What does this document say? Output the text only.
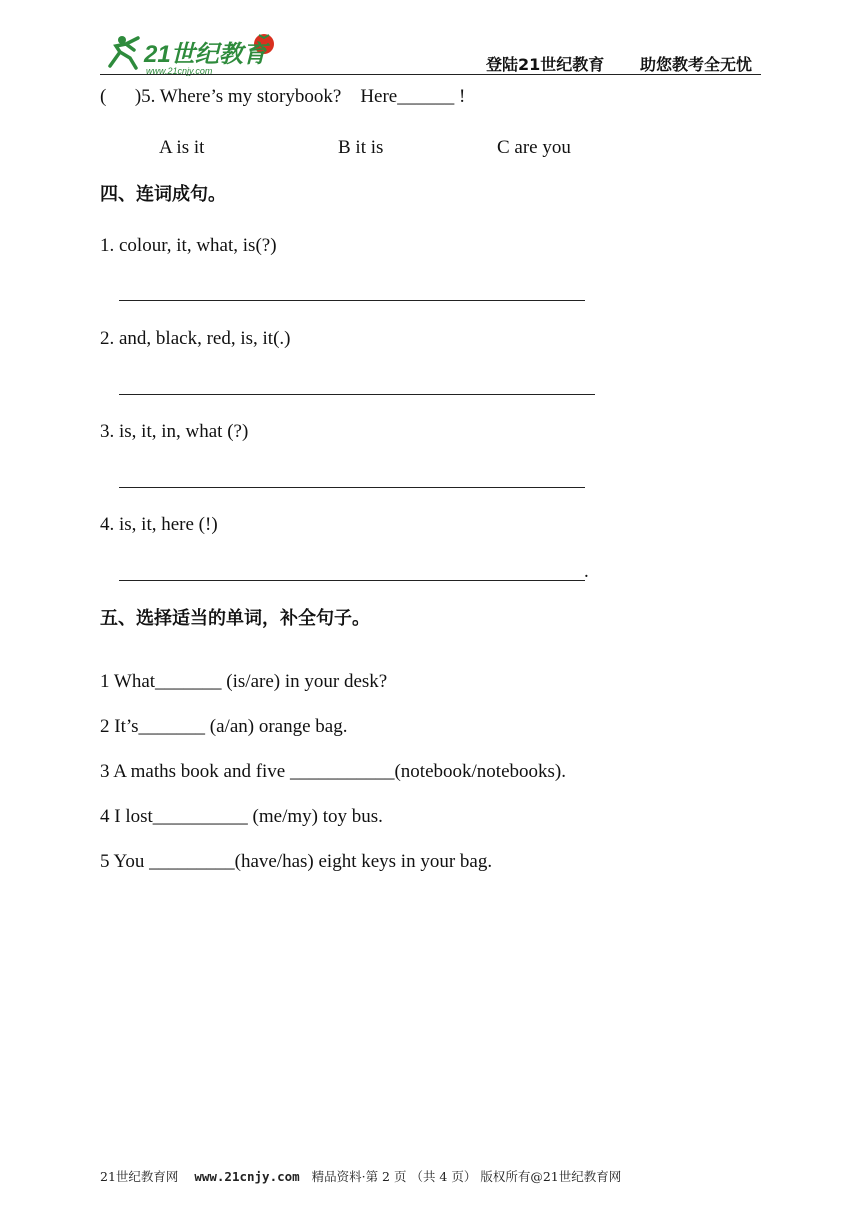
21世纪教育
www.21cnjy.com	登陆21世纪教育 助您教考全无忧
(      )5. Where’s my storybook?    Here______ !
A is it	B it is	C are you
四、连词成句。
1. colour, it, what, is(?)
2. and, black, red, is, it(.)
3. is, it, in, what (?)
4. is, it, here (!)
.
五、选择适当的单词，补全句子。
1 What_______ (is/are) in your desk?
2 It’s_______ (a/an) orange bag.
3 A maths book and five ___________(notebook/notebooks).
4 I lost__________ (me/my) toy bus.
5 You _________(have/has) eight keys in your bag.
21世纪教育网 www.21cnjy.com 精品资料·第 2 页 （共 4 页） 版权所有@21世纪教育网
